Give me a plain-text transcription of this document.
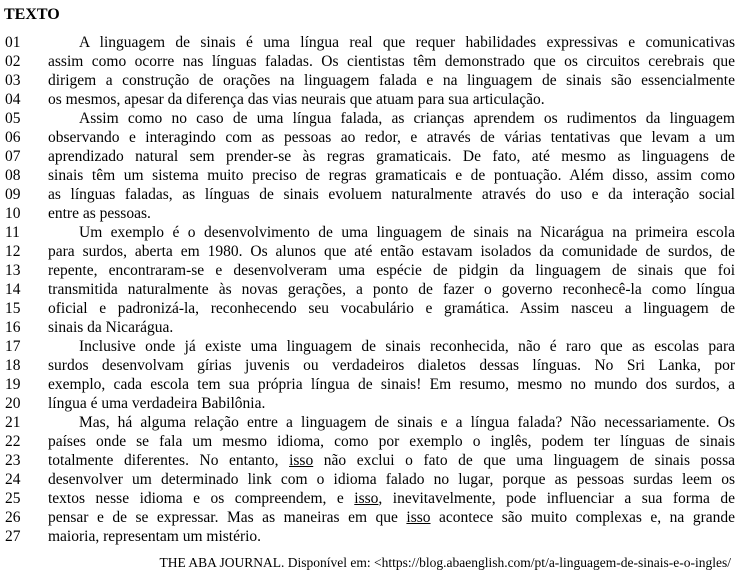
TEXTO
01	A linguagem de sinais é uma língua real que requer habilidades expressivas e comunicativas
02 assim como ocorre nas línguas faladas. Os cientistas têm demonstrado que os circuitos cerebrais que
03 dirigem a construção de orações na linguagem falada e na linguagem de sinais são essencialmente
04 os mesmos, apesar da diferença das vias neurais que atuam para sua articulação.
05	Assim como no caso de uma língua falada, as crianças aprendem os rudimentos da linguagem
06 observando e interagindo com as pessoas ao redor, e através de várias tentativas que levam a um
07 aprendizado natural sem prender-se às regras gramaticais. De fato, até mesmo as linguagens de
08 sinais têm um sistema muito preciso de regras gramaticais e de pontuação. Além disso, assim como
09 as línguas faladas, as línguas de sinais evoluem naturalmente através do uso e da interação social
10 entre as pessoas.
11	Um exemplo é o desenvolvimento de uma linguagem de sinais na Nicarágua na primeira escola
12 para surdos, aberta em 1980. Os alunos que até então estavam isolados da comunidade de surdos, de
13 repente, encontraram-se e desenvolveram uma espécie de pidgin da linguagem de sinais que foi
14 transmitida naturalmente às novas gerações, a ponto de fazer o governo reconhecê-la como língua
15 oficial e padronizá-la, reconhecendo seu vocabulário e gramática. Assim nasceu a linguagem de
16 sinais da Nicarágua.
17	Inclusive onde já existe uma linguagem de sinais reconhecida, não é raro que as escolas para
18 surdos desenvolvam gírias juvenis ou verdadeiros dialetos dessas línguas. No Sri Lanka, por
19 exemplo, cada escola tem sua própria língua de sinais! Em resumo, mesmo no mundo dos surdos, a
20 língua é uma verdadeira Babilônia.
21	Mas, há alguma relação entre a linguagem de sinais e a língua falada? Não necessariamente. Os
22 países onde se fala um mesmo idioma, como por exemplo o inglês, podem ter línguas de sinais
23 totalmente diferentes. No entanto, isso não exclui o fato de que uma linguagem de sinais possa
24 desenvolver um determinado link com o idioma falado no lugar, porque as pessoas surdas leem os
25 textos nesse idioma e os compreendem, e isso, inevitavelmente, pode influenciar a sua forma de
26 pensar e de se expressar. Mas as maneiras em que isso acontece são muito complexas e, na grande
27 maioria, representam um mistério.
THE ABA JOURNAL. Disponível em: <https://blog.abaenglish.com/pt/a-linguagem-de-sinais-e-o-ingles/
